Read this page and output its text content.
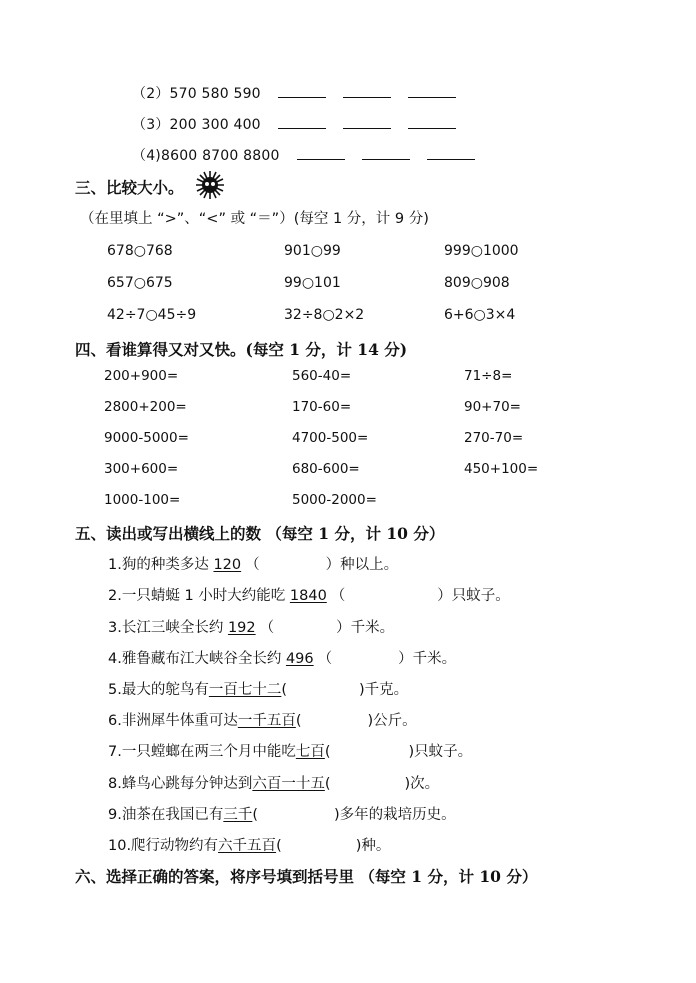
（2）570 580 590
（3）200 300 400
（4)8600 8700 8800
三、比较大小。
（在里填上 “>”、“<” 或 “＝”）(每空 1 分，计 9 分)
678○768	901○99	999○1000
657○675	99○101	809○908
42÷7○45÷9	32÷8○2×2	6+6○3×4
四、看谁算得又对又快。(每空 1 分，计 14 分)
200+900=	560-40=	71÷8=
2800+200=	170-60=	90+70=
9000-5000=	4700-500=	270-70=
300+600=	680-600=	450+100=
1000-100=	5000-2000=
五、读出或写出横线上的数 （每空 1 分，计 10 分）
1.狗的种类多达 120 （	）种以上。
2.一只蜻蜓 1 小时大约能吃 1840 （	）只蚊子。
3.长江三峡全长约 192 （	）千米。
4.雅鲁藏布江大峡谷全长约 496 （	）千米。
5.最大的鸵鸟有一百七十二(	)千克。
6.非洲犀牛体重可达一千五百(	)公斤。
7.一只螳螂在两三个月中能吃七百(	)只蚊子。
8.蜂鸟心跳每分钟达到六百一十五(	)次。
9.油茶在我国已有三千(	)多年的栽培历史。
10.爬行动物约有六千五百(	)种。
六、选择正确的答案，将序号填到括号里 （每空 1 分，计 10 分）
